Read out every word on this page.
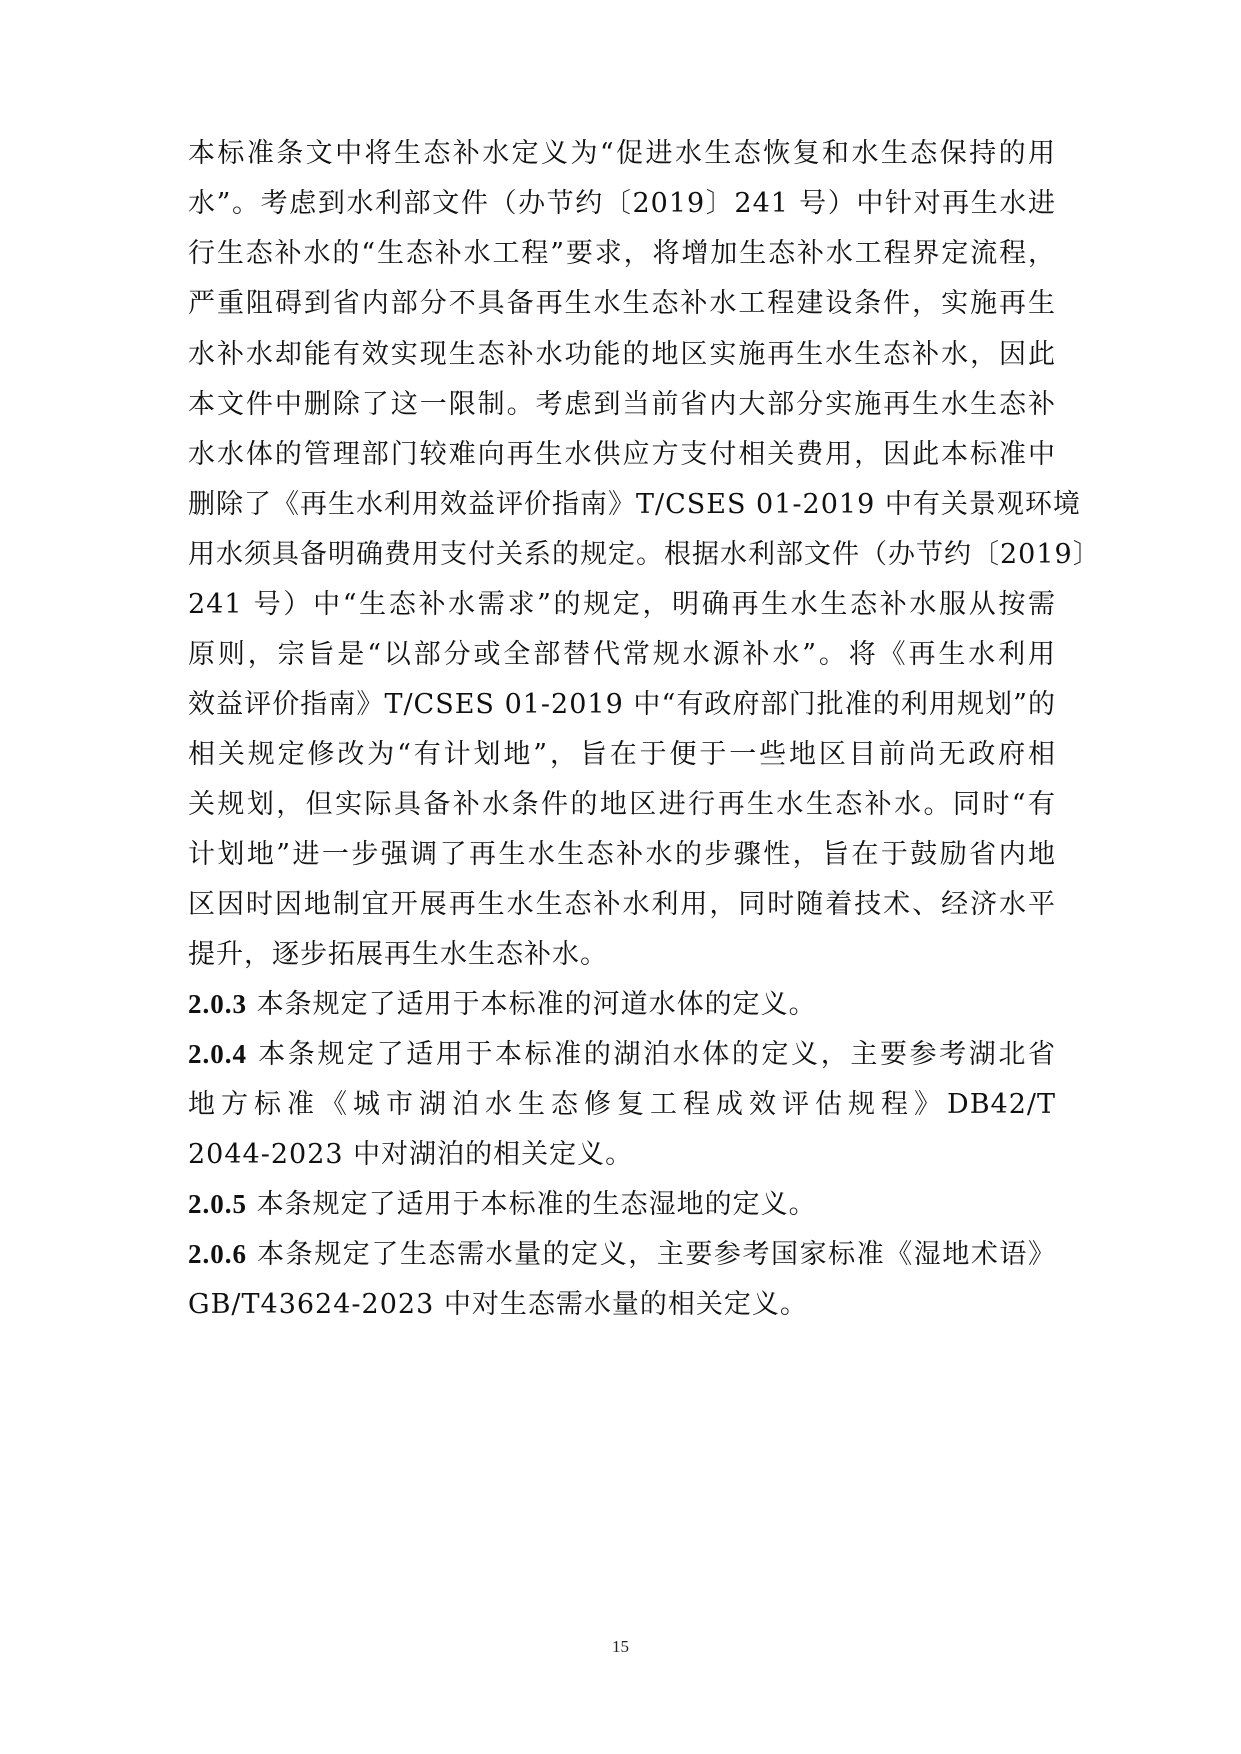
本标准条文中将生态补水定义为“促进水生态恢复和水生态保持的用
水”。考虑到水利部文件（办节约〔2019〕241 号）中针对再生水进
行生态补水的“生态补水工程”要求，将增加生态补水工程界定流程，
严重阻碍到省内部分不具备再生水生态补水工程建设条件，实施再生
水补水却能有效实现生态补水功能的地区实施再生水生态补水，因此
本文件中删除了这一限制。考虑到当前省内大部分实施再生水生态补
水水体的管理部门较难向再生水供应方支付相关费用，因此本标准中
删除了《再生水利用效益评价指南》T/CSES 01-2019 中有关景观环境
用水须具备明确费用支付关系的规定。根据水利部文件（办节约〔2019〕
241 号）中“生态补水需求”的规定，明确再生水生态补水服从按需
原则，宗旨是“以部分或全部替代常规水源补水”。将《再生水利用
效益评价指南》T/CSES 01-2019 中“有政府部门批准的利用规划”的
相关规定修改为“有计划地”，旨在于便于一些地区目前尚无政府相
关规划，但实际具备补水条件的地区进行再生水生态补水。同时“有
计划地”进一步强调了再生水生态补水的步骤性，旨在于鼓励省内地
区因时因地制宜开展再生水生态补水利用，同时随着技术、经济水平
提升，逐步拓展再生水生态补水。
2.0.3 本条规定了适用于本标准的河道水体的定义。
2.0.4 本条规定了适用于本标准的湖泊水体的定义，主要参考湖北省
地方标准《城市湖泊水生态修复工程成效评估规程》DB42/T
2044-2023 中对湖泊的相关定义。
2.0.5 本条规定了适用于本标准的生态湿地的定义。
2.0.6 本条规定了生态需水量的定义，主要参考国家标准《湿地术语》
GB/T43624-2023 中对生态需水量的相关定义。
15
